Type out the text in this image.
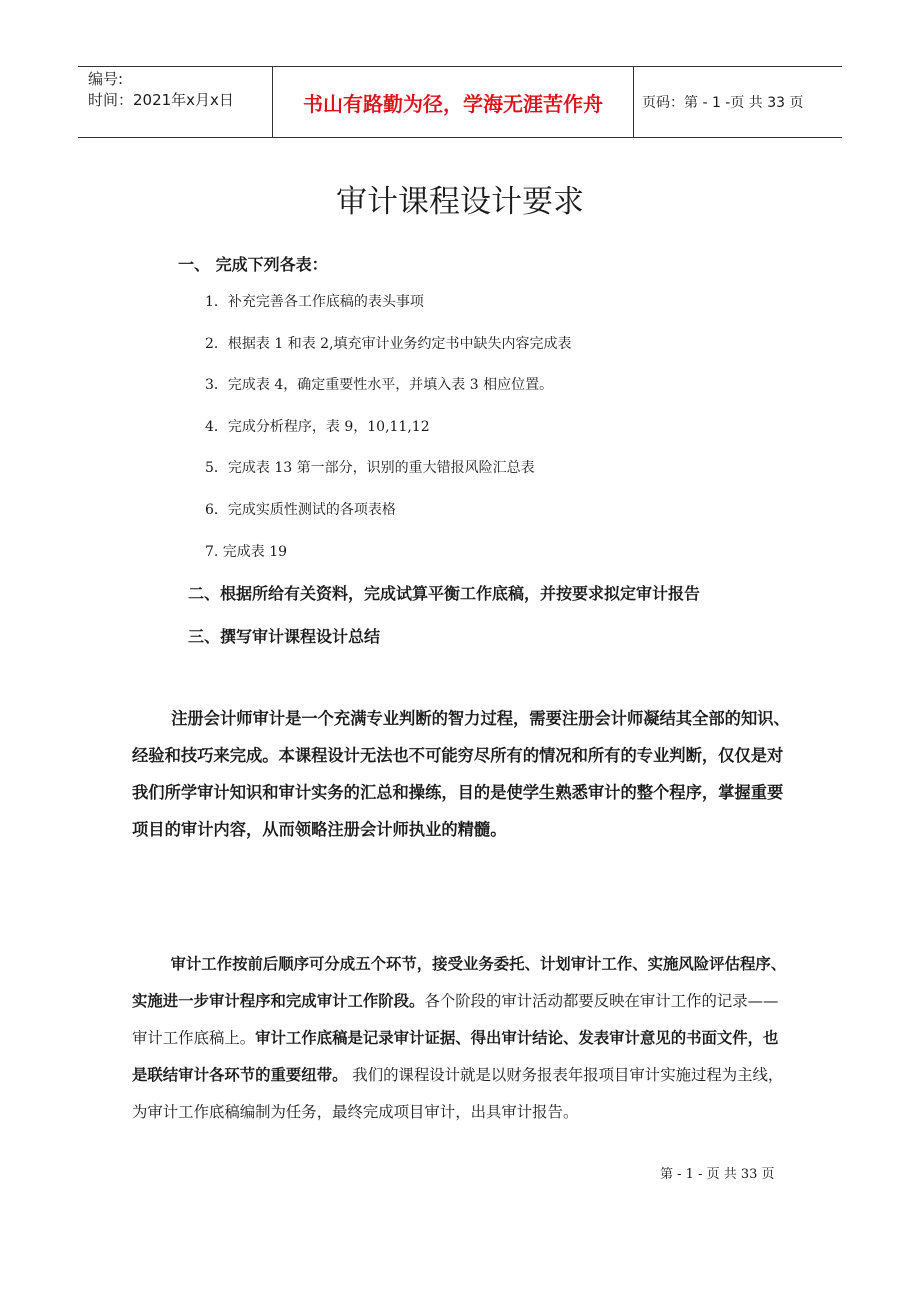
编号:
时间：2021年x月x日	书山有路勤为径，学海无涯苦作舟	页码：第 - 1 -页 共 33 页
审计课程设计要求
一、 完成下列各表：
1．补充完善各工作底稿的表头事项
2．根据表 1 和表 2,填充审计业务约定书中缺失内容完成表
3．完成表 4，确定重要性水平，并填入表 3 相应位置。
4．完成分析程序，表 9，10,11,12
5．完成表 13 第一部分，识别的重大错报风险汇总表
6．完成实质性测试的各项表格
7. 完成表 19
二、根据所给有关资料，完成试算平衡工作底稿，并按要求拟定审计报告
三、撰写审计课程设计总结

注册会计师审计是一个充满专业判断的智力过程，需要注册会计师凝结其全部的知识、经验和技巧来完成。本课程设计无法也不可能穷尽所有的情况和所有的专业判断，仅仅是对我们所学审计知识和审计实务的汇总和操练，目的是使学生熟悉审计的整个程序，掌握重要项目的审计内容，从而领略注册会计师执业的精髓。

审计工作按前后顺序可分成五个环节，接受业务委托、计划审计工作、实施风险评估程序、实施进一步审计程序和完成审计工作阶段。各个阶段的审计活动都要反映在审计工作的记录——审计工作底稿上。审计工作底稿是记录审计证据、得出审计结论、发表审计意见的书面文件，也是联结审计各环节的重要纽带。 我们的课程设计就是以财务报表年报项目审计实施过程为主线，为审计工作底稿编制为任务，最终完成项目审计，出具审计报告。

第 - 1 - 页 共 33 页
